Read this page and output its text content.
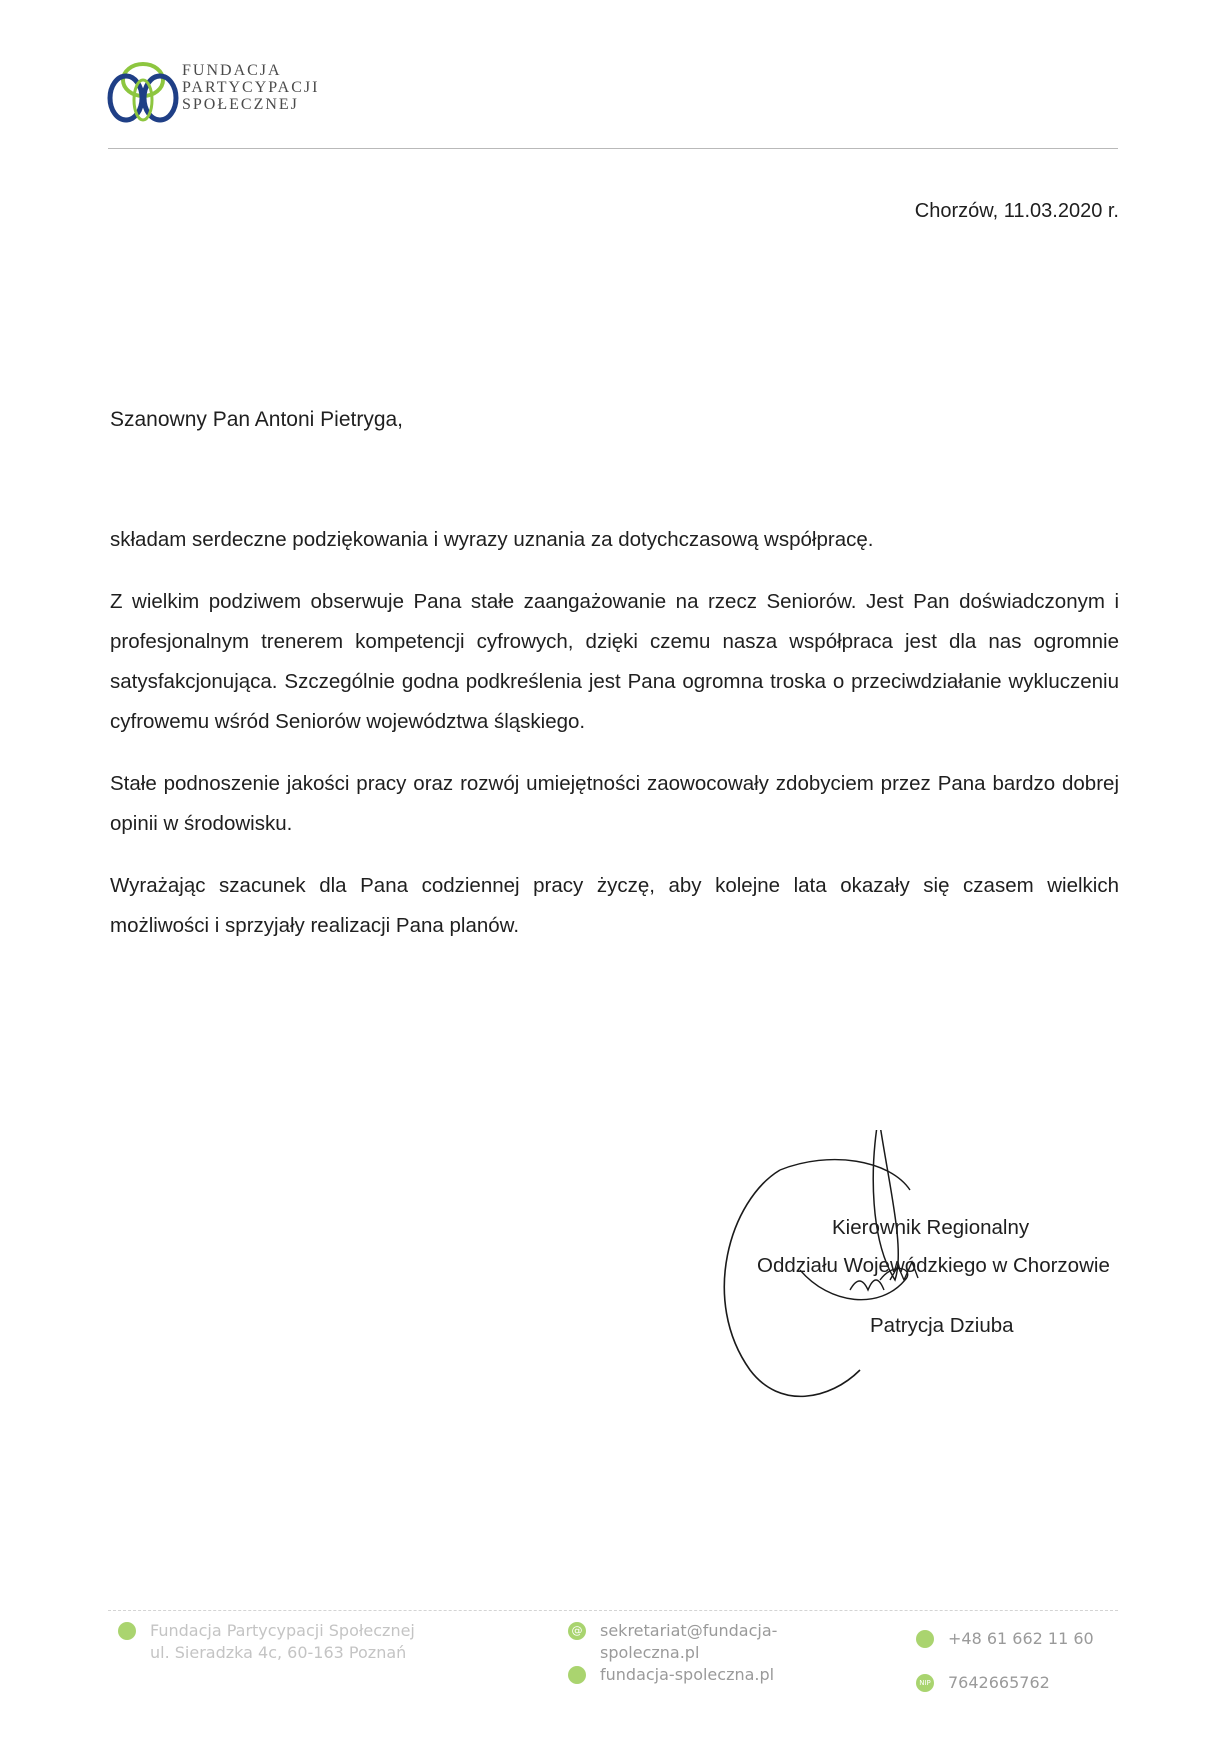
FUNDACJA
PARTYCYPACJI
SPOŁECZNEJ
Chorzów, 11.03.2020 r.
Szanowny Pan Antoni Pietryga,

składam serdeczne podziękowania i wyrazy uznania za dotychczasową współpracę.

Z wielkim podziwem obserwuje Pana stałe zaangażowanie na rzecz Seniorów. Jest Pan doświadczonym i profesjonalnym trenerem kompetencji cyfrowych, dzięki czemu nasza współpraca jest dla nas ogromnie satysfakcjonująca. Szczególnie godna podkreślenia jest Pana ogromna troska o przeciwdziałanie wykluczeniu cyfrowemu wśród Seniorów województwa śląskiego.

Stałe podnoszenie jakości pracy oraz rozwój umiejętności zaowocowały zdobyciem przez Pana bardzo dobrej opinii w środowisku.

Wyrażając szacunek dla Pana codziennej pracy życzę, aby kolejne lata okazały się czasem wielkich możliwości i sprzyjały realizacji Pana planów.

Kierownik Regionalny
Oddziału Wojewódzkiego w Chorzowie
Patrycja Dziuba
Fundacja Partycypacji Społecznej
ul. Sieradzka 4c, 60-163 Poznań
@ sekretariat@fundacja-
spoleczna.pl
fundacja-spoleczna.pl
+48 61 662 11 60
NIP 7642665762
